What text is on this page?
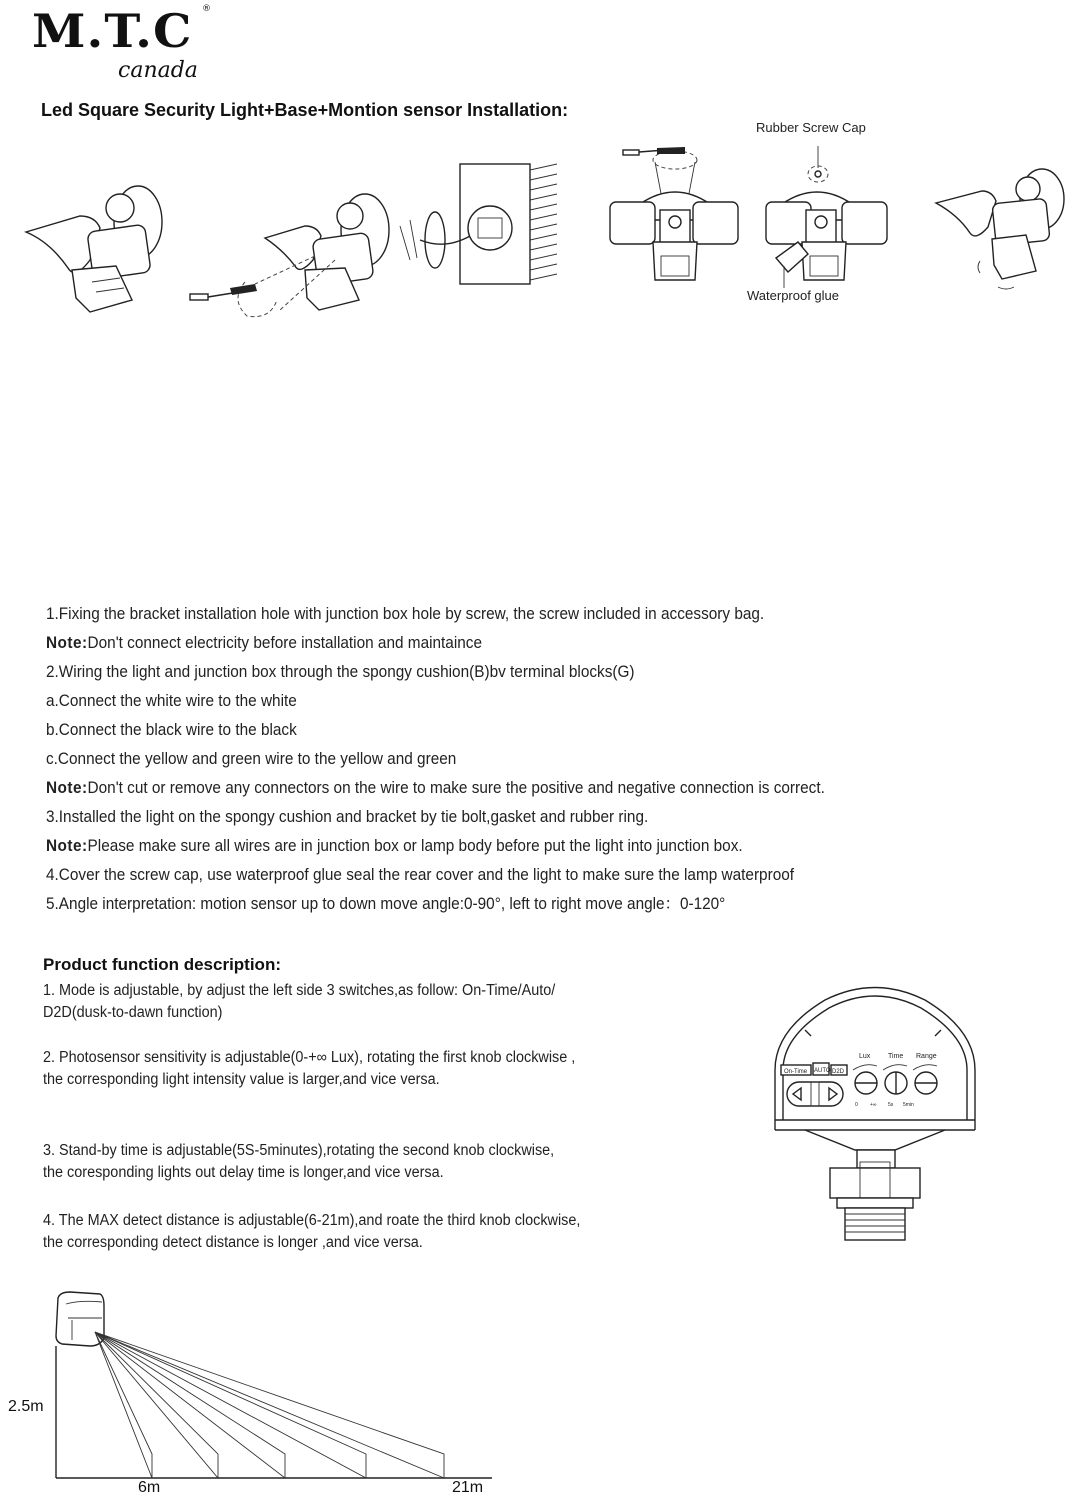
M.T.C ®
canada
Led Square Security Light+Base+Montion sensor Installation:
Rubber Screw Cap
Waterproof glue
1.Fixing the bracket installation hole with junction box hole by screw, the screw included in accessory bag.
Note:Don't connect electricity before installation and maintaince
2.Wiring the light and junction box through the spongy cushion(B)bv terminal blocks(G)
a.Connect the white wire to the white
b.Connect the black wire to the black
c.Connect the yellow and green wire to the yellow and green
Note:Don't cut or remove any connectors on the wire to make sure the positive and negative connection is correct.
3.Installed the light on the spongy cushion and bracket by tie bolt,gasket and rubber ring.
Note:Please make sure all wires are in junction box or lamp body before put the light into junction box.
4.Cover the screw cap, use waterproof glue seal the rear cover and the light to make sure the lamp waterproof
5.Angle interpretation: motion sensor up to down move angle:0-90°, left to right move angle：0-120°
Product function description:
1. Mode is adjustable, by adjust the left side 3 switches,as follow: On-Time/Auto/
D2D(dusk-to-dawn function)
2. Photosensor sensitivity is adjustable(0-+∞ Lux), rotating the first knob clockwise ,
the corresponding light intensity value is larger,and vice versa.
3. Stand-by time is adjustable(5S-5minutes),rotating the second knob clockwise,
the coresponding lights out delay time is longer,and vice versa.
4. The MAX detect distance is adjustable(6-21m),and roate the third knob clockwise,
the corresponding detect distance is longer ,and vice versa.
On-Time AUTO D2D
Lux	Time Range
0 +∞ 5s 5min
2.5m
6m	21m
